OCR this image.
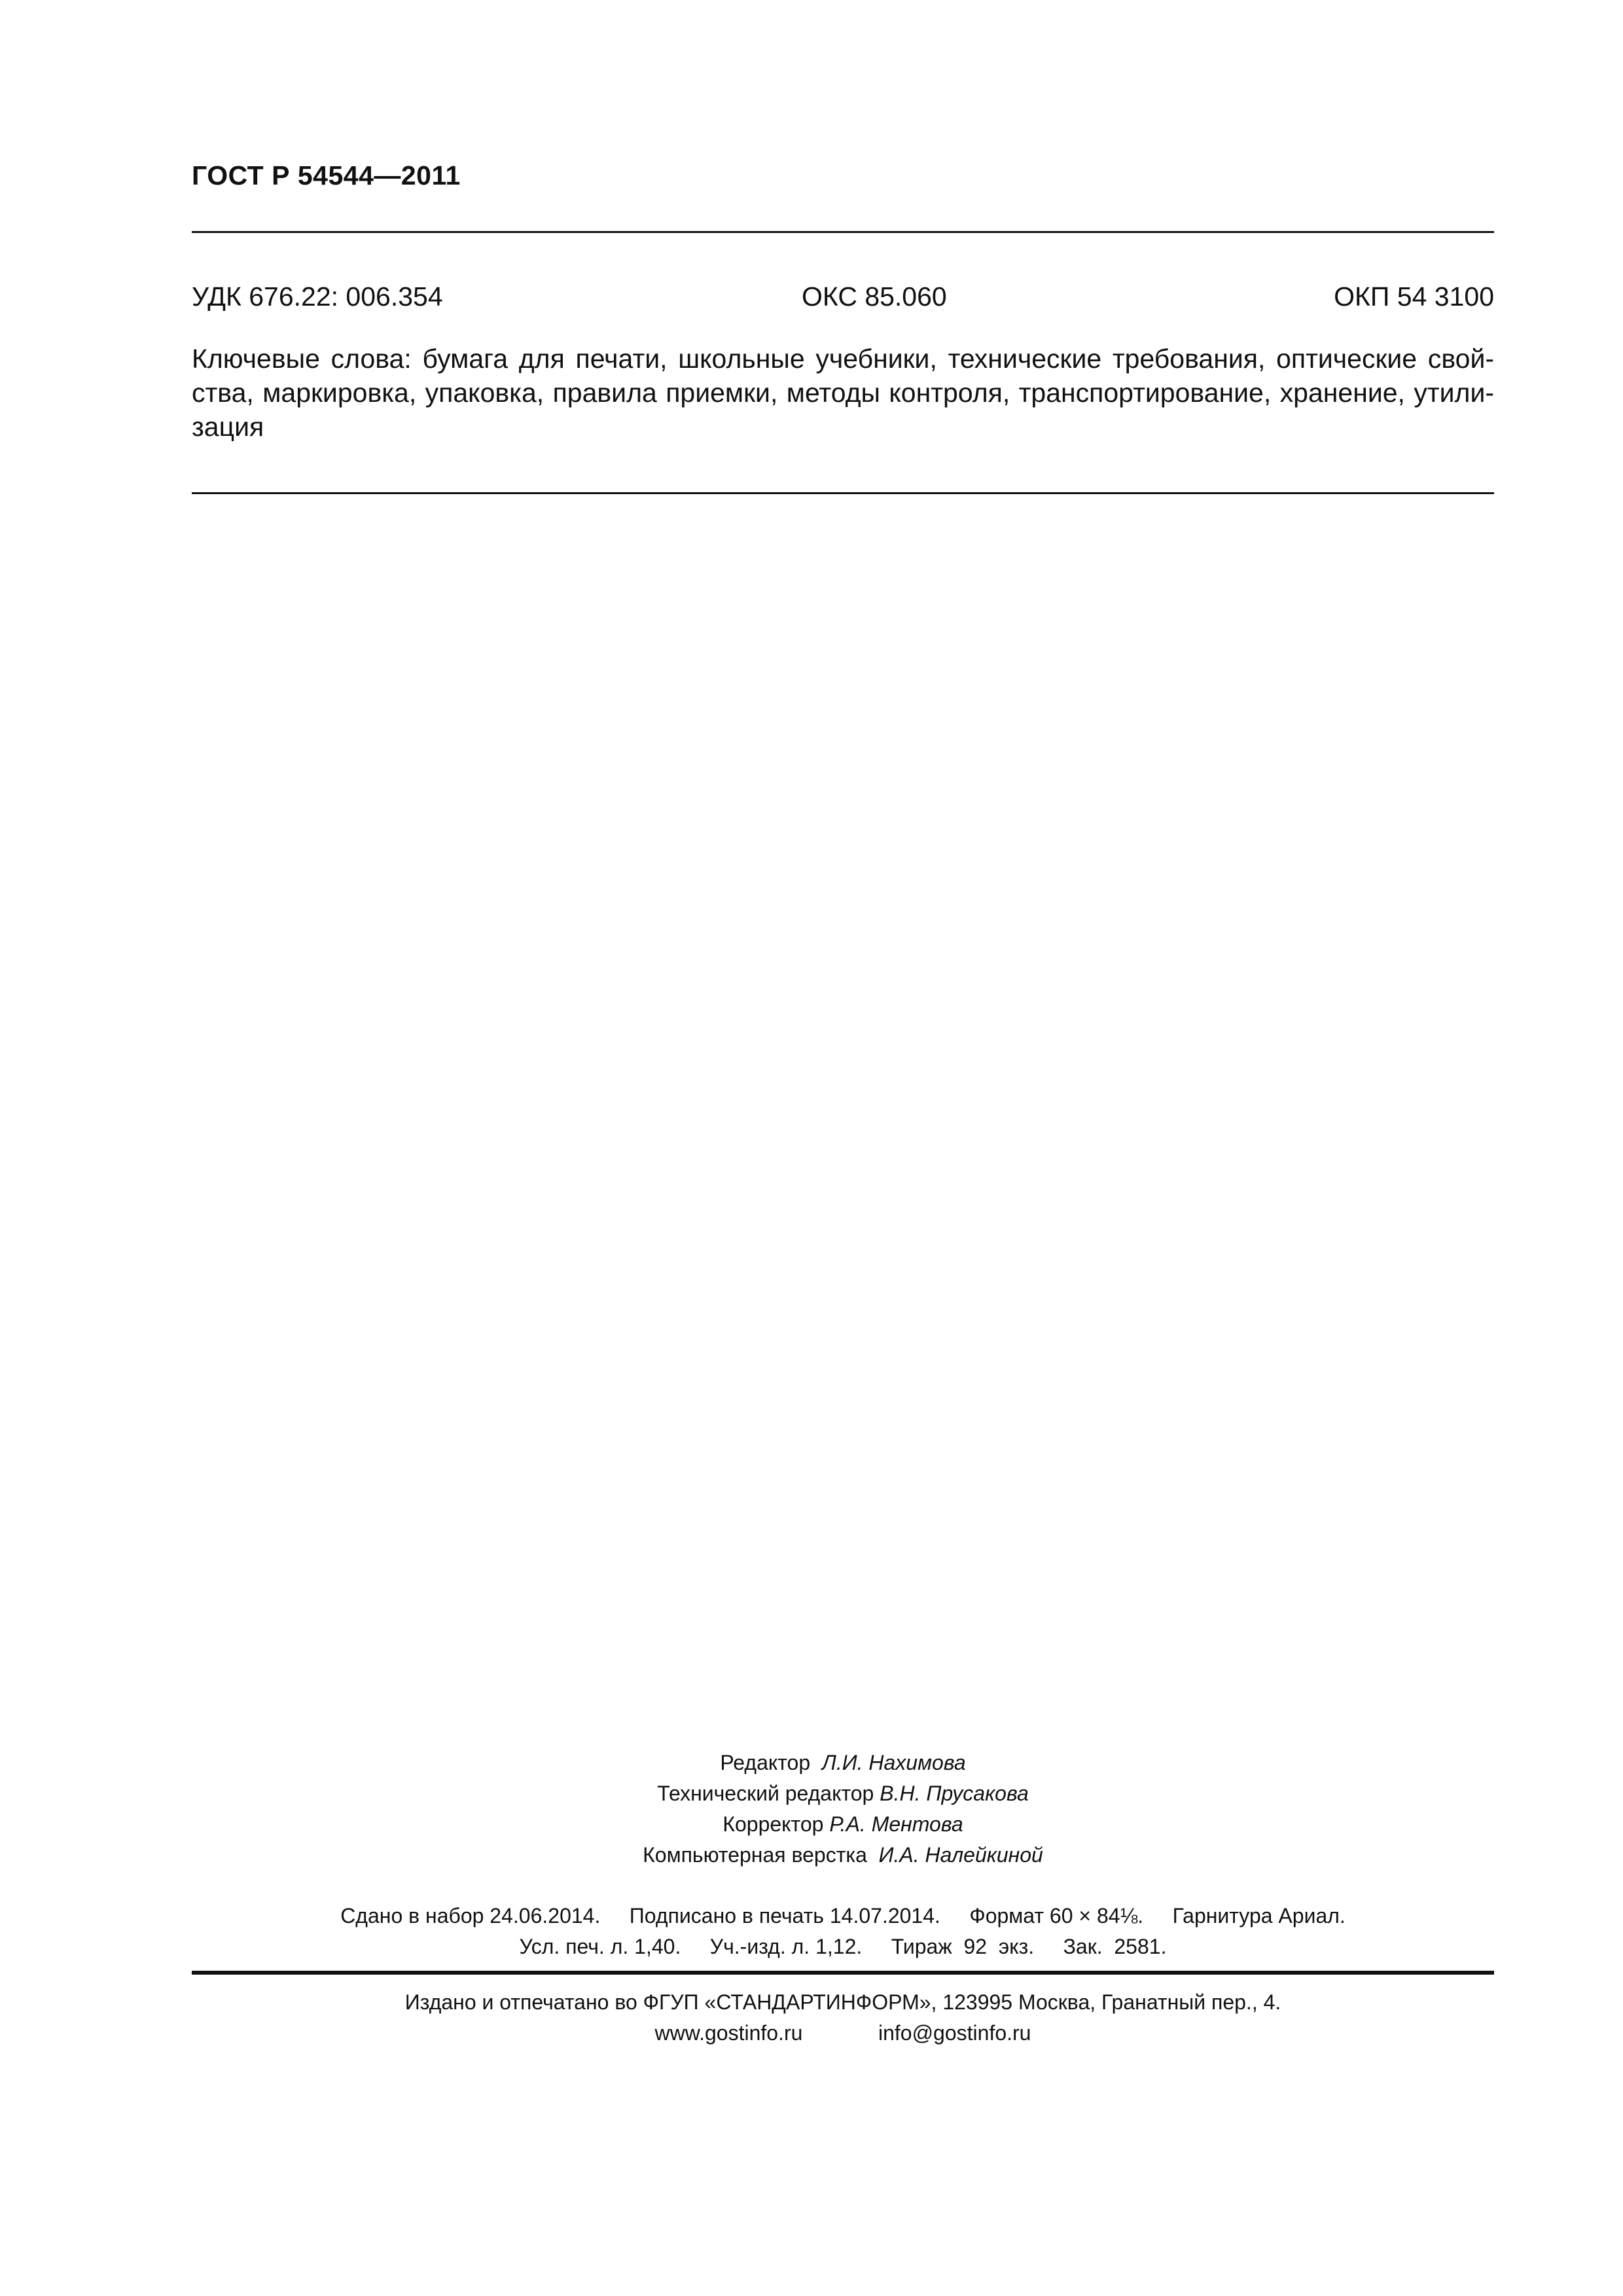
ГОСТ Р 54544—2011
УДК 676.22: 006.354	ОКС 85.060	ОКП 54 3100
Ключевые слова: бумага для печати, школьные учебники, технические требования, оптические свой-
ства, маркировка, упаковка, правила приемки, методы контроля, транспортирование, хранение, утили-
зация
Редактор Л.И. Нахимова
Технический редактор В.Н. Прусакова
Корректор Р.А. Ментова
Компьютерная верстка И.А. Налейкиной
Сдано в набор 24.06.2014.     Подписано в печать 14.07.2014.     Формат 60 × 84⅛.     Гарнитура Ариал.
Усл. печ. л. 1,40.     Уч.-изд. л. 1,12.     Тираж  92  экз.     Зак.  2581.
Издано и отпечатано во ФГУП «СТАНДАРТИНФОРМ», 123995 Москва, Гранатный пер., 4.
www.gostinfo.ru	info@gostinfo.ru
